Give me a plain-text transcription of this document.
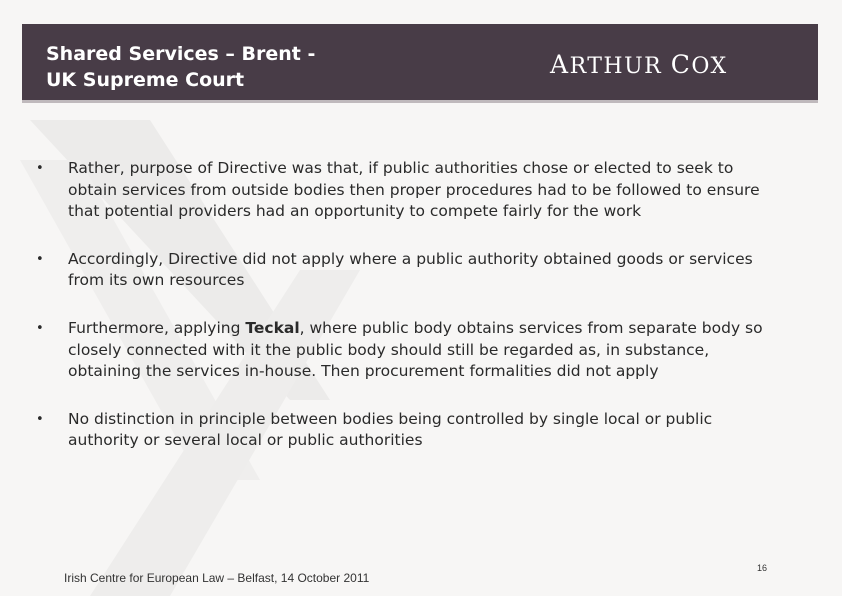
Shared Services – Brent -
UK Supreme Court
ARTHUR COX
• Rather, purpose of Directive was that, if public authorities chose or elected to seek to obtain services from outside bodies then proper procedures had to be followed to ensure that potential providers had an opportunity to compete fairly for the work
• Accordingly, Directive did not apply where a public authority obtained goods or services from its own resources
• Furthermore, applying Teckal, where public body obtains services from separate body so closely connected with it the public body should still be regarded as, in substance, obtaining the services in-house. Then procurement formalities did not apply
• No distinction in principle between bodies being controlled by single local or public authority or several local or public authorities
Irish Centre for European Law – Belfast, 14 October 2011
16
